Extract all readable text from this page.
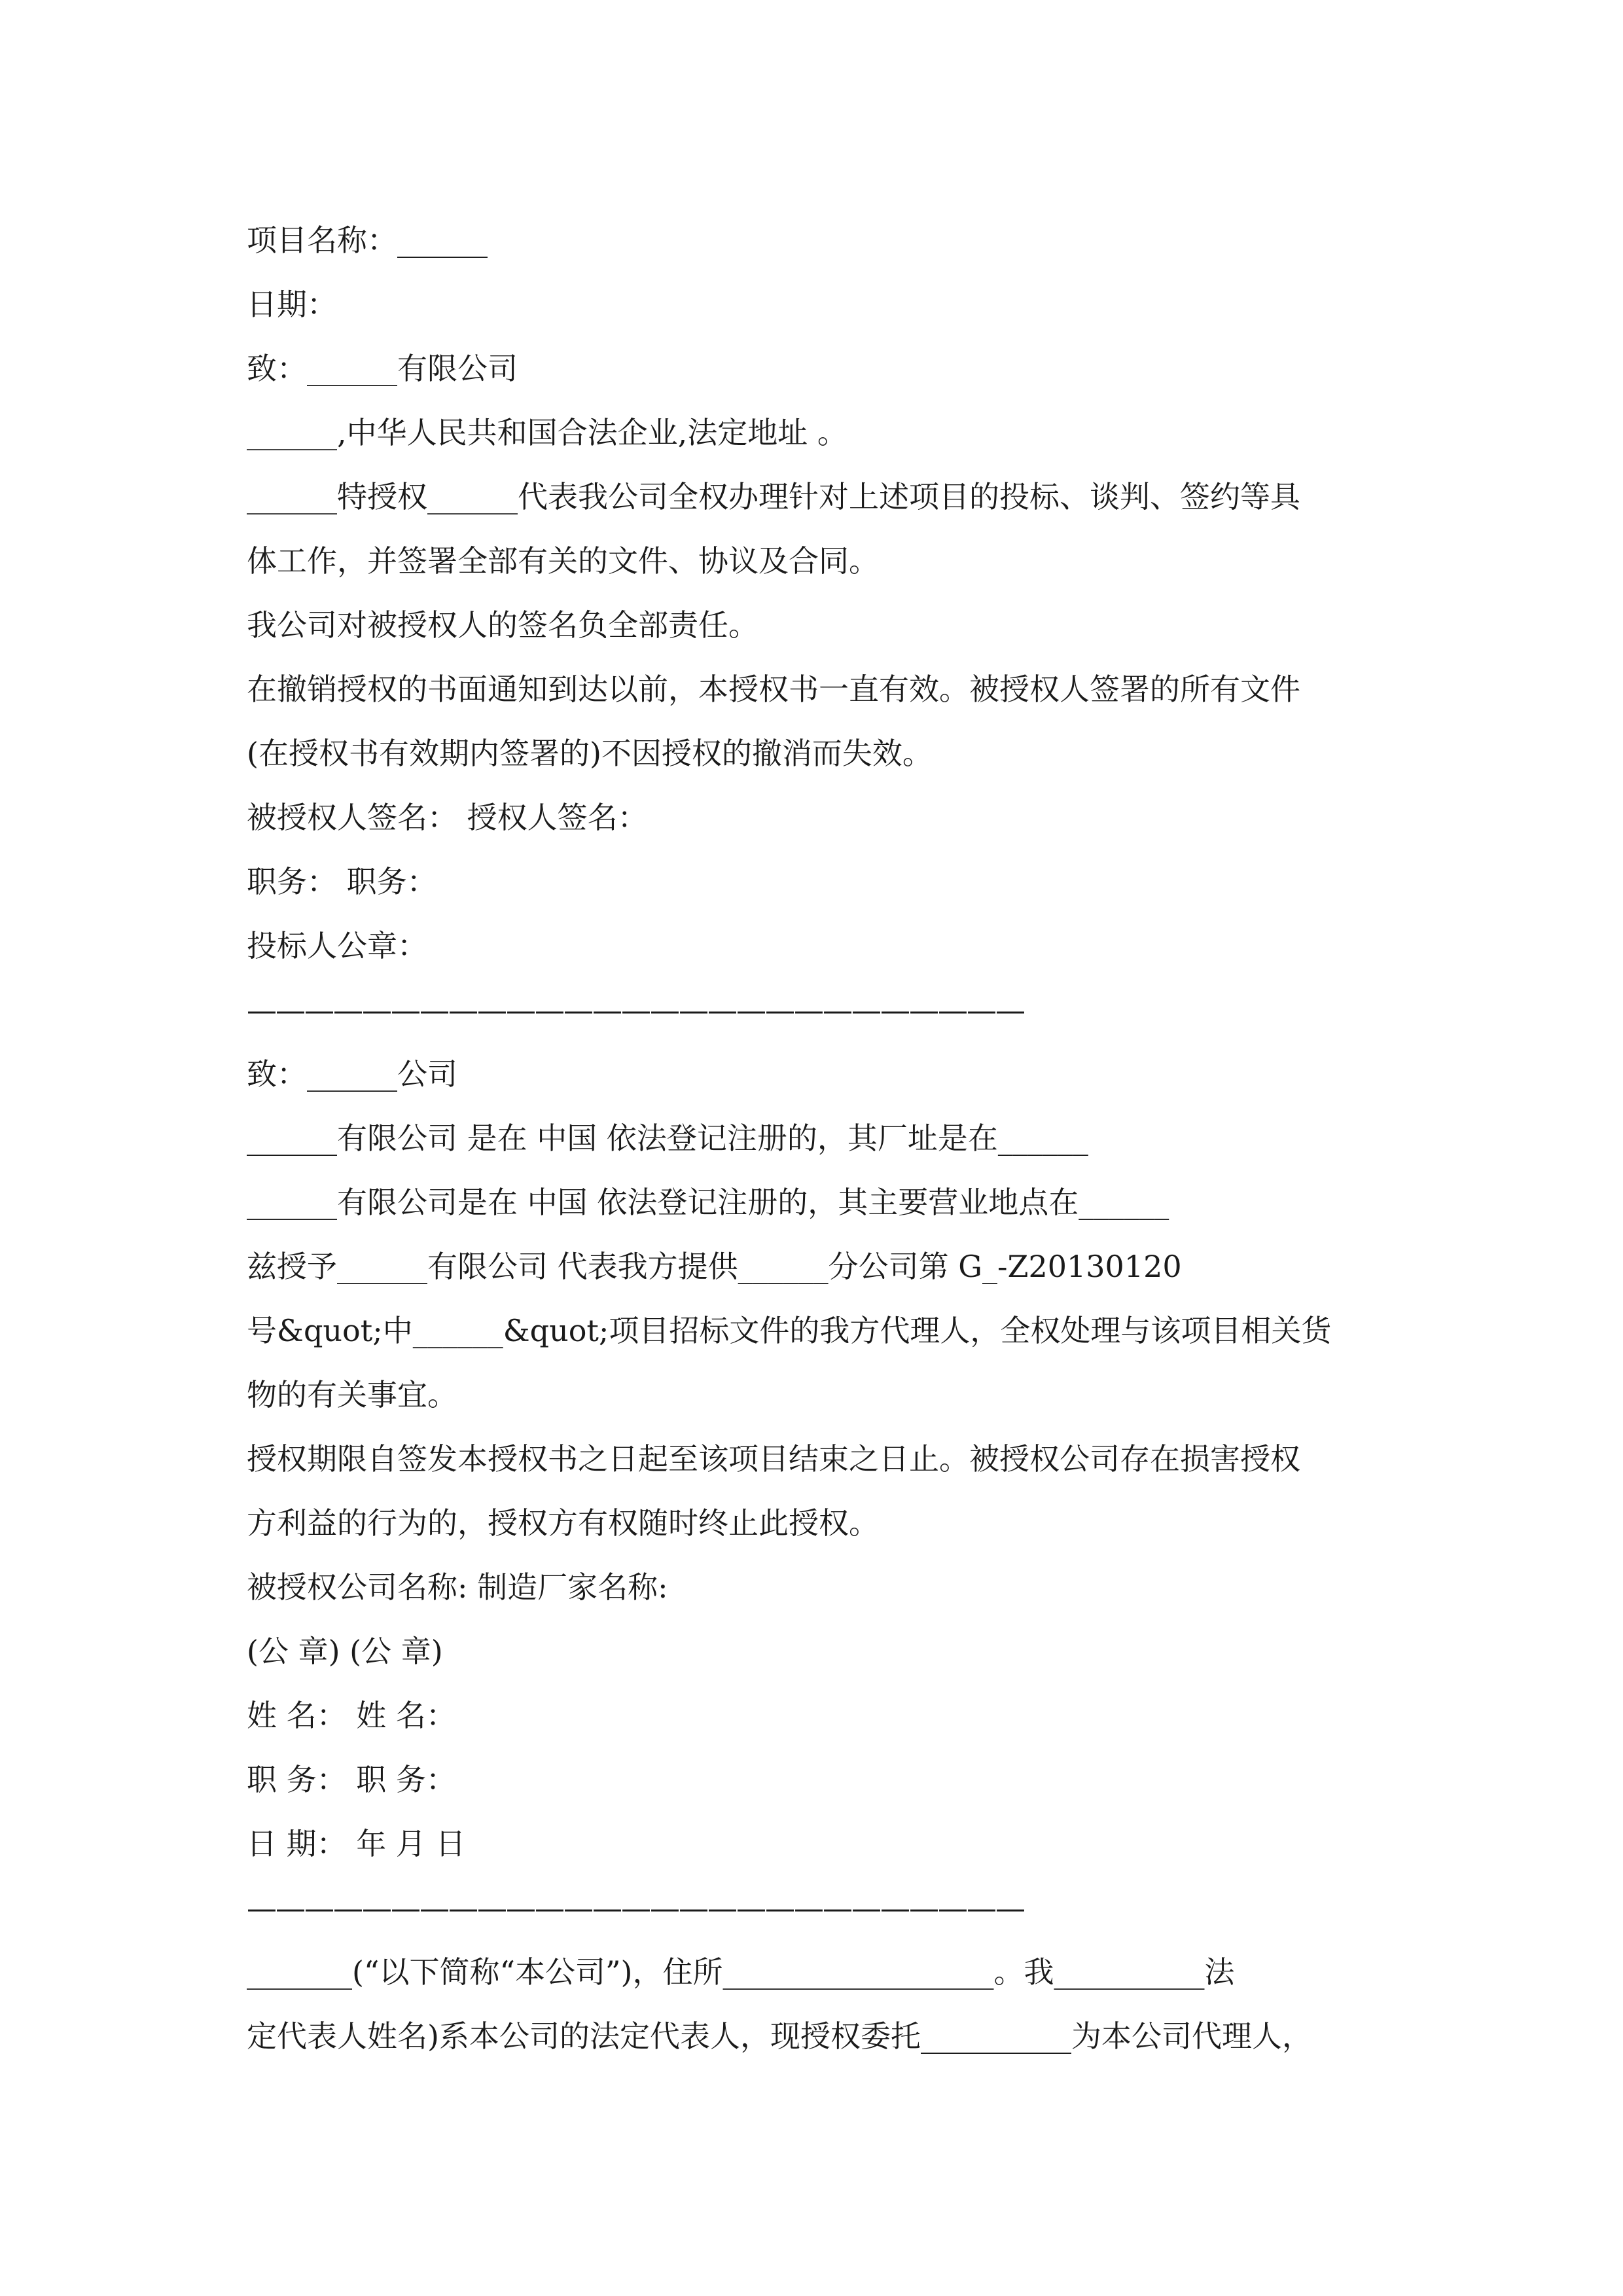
项目名称：______

日期：

致：______有限公司

______,中华人民共和国合法企业,法定地址 。

______特授权______代表我公司全权办理针对上述项目的投标、谈判、签约等具

体工作，并签署全部有关的文件、协议及合同。

我公司对被授权人的签名负全部责任。

在撤销授权的书面通知到达以前，本授权书一直有效。被授权人签署的所有文件

(在授权书有效期内签署的)不因授权的撤消而失效。

被授权人签名： 授权人签名：

职务： 职务：

投标人公章：

———————————————————————————

致：______公司

______有限公司 是在 中国 依法登记注册的，其厂址是在______

______有限公司是在 中国 依法登记注册的，其主要营业地点在______

兹授予______有限公司 代表我方提供______分公司第 G_-Z20130120

号&quot;中______&quot;项目招标文件的我方代理人，全权处理与该项目相关货

物的有关事宜。

授权期限自签发本授权书之日起至该项目结束之日止。被授权公司存在损害授权

方利益的行为的，授权方有权随时终止此授权。

被授权公司名称: 制造厂家名称:

(公 章) (公 章)

姓 名： 姓 名：

职 务： 职 务：

日 期： 年 月 日

———————————————————————————

_______(“以下简称“本公司”)，住所__________________。我__________法

定代表人姓名)系本公司的法定代表人，现授权委托__________为本公司代理人，
